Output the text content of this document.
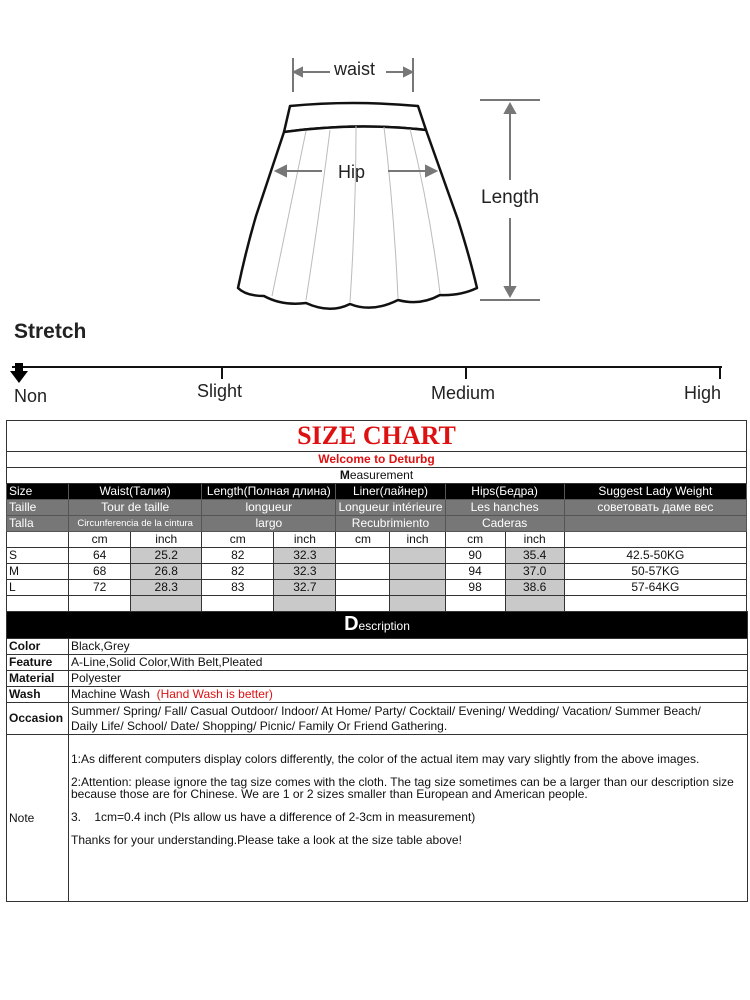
waist
Hip
Length
Stretch
Non	Slight	Medium	High
SIZE CHART									
Welcome to Deturbg									
Measurement									
Size	Waist(Талия)		Length(Полная длина)		Liner(лайнер)		Hips(Бедра)		Suggest Lady Weight
Taille	Tour de taille		longueur		Longueur intérieure		Les hanches		советовать даме вес
Talla	Circunferencia de la cintura		largo		Recubrimiento		Caderas		
	cm	inch	cm	inch	cm	inch	cm	inch	
S	64	25.2	82	32.3			90	35.4	42.5-50KG
M	68	26.8	82	32.3			94	37.0	50-57KG
L	72	28.3	83	32.7			98	38.6	57-64KG

Description	
Color	Black,Grey
Feature	A-Line,Solid Color,With Belt,Pleated
Material	Polyester
Wash	Machine Wash (Hand Wash is better)
Occasion	Summer/ Spring/ Fall/ Casual Outdoor/ Indoor/ At Home/ Party/ Cocktail/ Evening/ Wedding/ Vacation/ Summer Beach/
Daily Life/ School/ Date/ Shopping/ Picnic/ Family Or Friend Gathering.

Note	1:As different computers display colors differently, the color of the actual item may vary slightly from the above images.

2:Attention: please ignore the tag size comes with the cloth. The tag size sometimes can be a larger than our description size because those are for Chinese. We are 1 or 2 sizes smaller than European and American people.

3.    1cm=0.4 inch (Pls allow us have a difference of 2-3cm in measurement)

Thanks for your understanding.Please take a look at the size table above!
